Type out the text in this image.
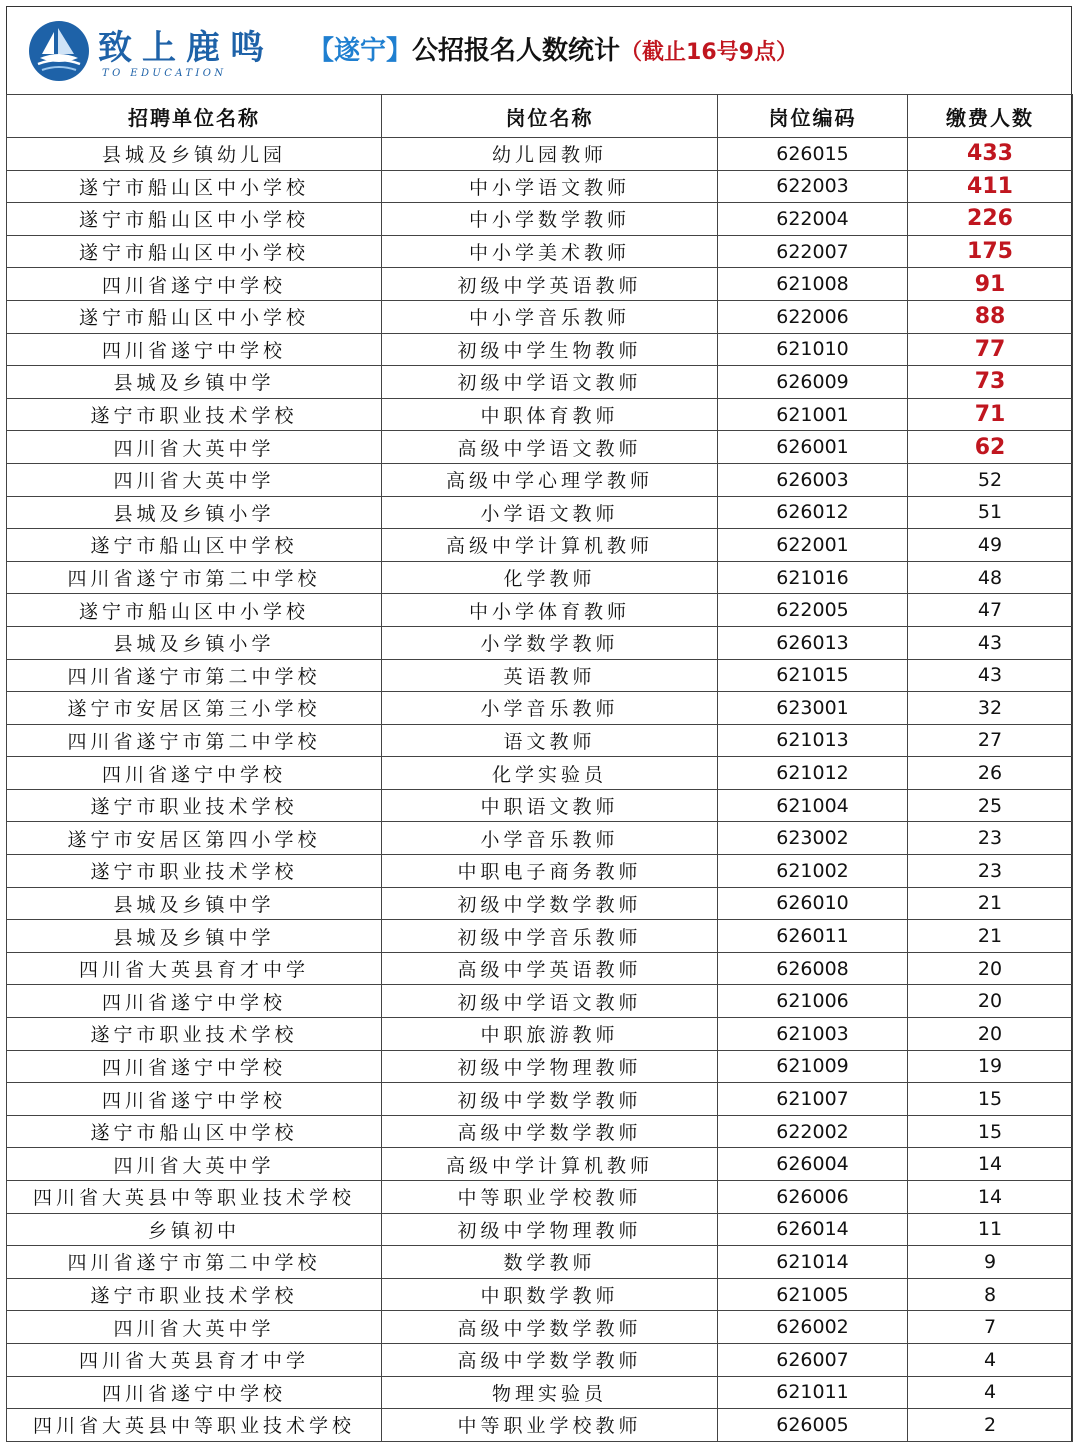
致上鹿鸣
TO EDUCATION
【遂宁】公招报名人数统计（截止16号9点）
招聘单位名称	岗位名称	岗位编码	缴费人数
县城及乡镇幼儿园	幼儿园教师	626015	433
遂宁市船山区中小学校	中小学语文教师	622003	411
遂宁市船山区中小学校	中小学数学教师	622004	226
遂宁市船山区中小学校	中小学美术教师	622007	175
四川省遂宁中学校	初级中学英语教师	621008	91
遂宁市船山区中小学校	中小学音乐教师	622006	88
四川省遂宁中学校	初级中学生物教师	621010	77
县城及乡镇中学	初级中学语文教师	626009	73
遂宁市职业技术学校	中职体育教师	621001	71
四川省大英中学	高级中学语文教师	626001	62
四川省大英中学	高级中学心理学教师	626003	52
县城及乡镇小学	小学语文教师	626012	51
遂宁市船山区中学校	高级中学计算机教师	622001	49
四川省遂宁市第二中学校	化学教师	621016	48
遂宁市船山区中小学校	中小学体育教师	622005	47
县城及乡镇小学	小学数学教师	626013	43
四川省遂宁市第二中学校	英语教师	621015	43
遂宁市安居区第三小学校	小学音乐教师	623001	32
四川省遂宁市第二中学校	语文教师	621013	27
四川省遂宁中学校	化学实验员	621012	26
遂宁市职业技术学校	中职语文教师	621004	25
遂宁市安居区第四小学校	小学音乐教师	623002	23
遂宁市职业技术学校	中职电子商务教师	621002	23
县城及乡镇中学	初级中学数学教师	626010	21
县城及乡镇中学	初级中学音乐教师	626011	21
四川省大英县育才中学	高级中学英语教师	626008	20
四川省遂宁中学校	初级中学语文教师	621006	20
遂宁市职业技术学校	中职旅游教师	621003	20
四川省遂宁中学校	初级中学物理教师	621009	19
四川省遂宁中学校	初级中学数学教师	621007	15
遂宁市船山区中学校	高级中学数学教师	622002	15
四川省大英中学	高级中学计算机教师	626004	14
四川省大英县中等职业技术学校	中等职业学校教师	626006	14
乡镇初中	初级中学物理教师	626014	11
四川省遂宁市第二中学校	数学教师	621014	9
遂宁市职业技术学校	中职数学教师	621005	8
四川省大英中学	高级中学数学教师	626002	7
四川省大英县育才中学	高级中学数学教师	626007	4
四川省遂宁中学校	物理实验员	621011	4
四川省大英县中等职业技术学校	中等职业学校教师	626005	2
